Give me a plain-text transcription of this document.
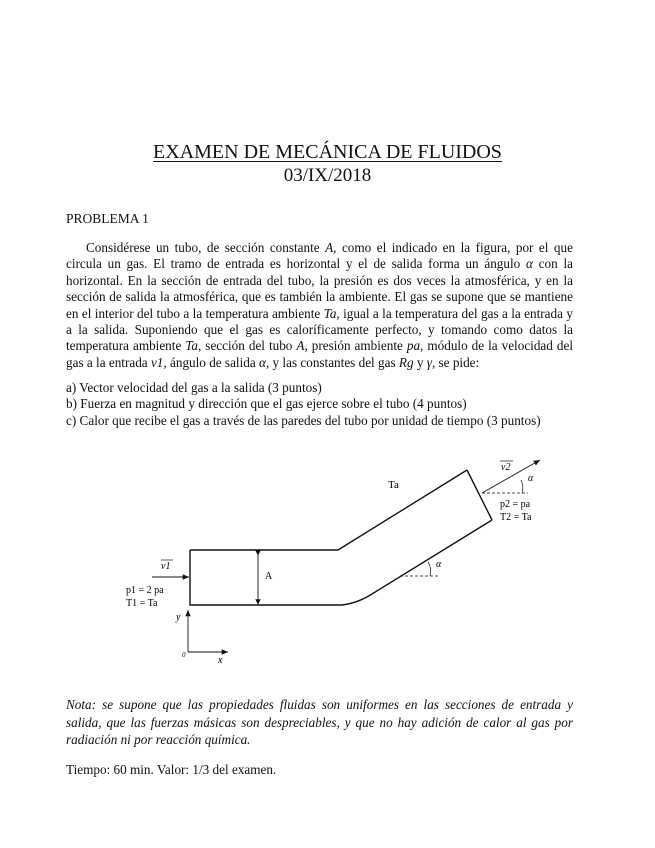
EXAMEN DE MECÁNICA DE FLUIDOS
03/IX/2018
PROBLEMA 1
Considérese un tubo, de sección constante A, como el indicado en la figura, por el que circula un gas. El tramo de entrada es horizontal y el de salida forma un ángulo α con la horizontal. En la sección de entrada del tubo, la presión es dos veces la atmosférica, y en la sección de salida la atmosférica, que es también la ambiente. El gas se supone que se mantiene en el interior del tubo a la temperatura ambiente Ta, igual a la temperatura del gas a la entrada y a la salida. Suponiendo que el gas es caloríficamente perfecto, y tomando como datos la temperatura ambiente Ta, sección del tubo A, presión ambiente pa, módulo de la velocidad del gas a la entrada v1, ángulo de salida α, y las constantes del gas Rg y γ, se pide:
a) Vector velocidad del gas a la salida (3 puntos)
b) Fuerza en magnitud y dirección que el gas ejerce sobre el tubo (4 puntos)
c) Calor que recibe el gas a través de las paredes del tubo por unidad de tiempo (3 puntos)
A
Ta
v1
p1 = 2 pa
T1 = Ta
v2
α
p2 = pa
T2 = Ta
α
y
x
0
Nota: se supone que las propiedades fluidas son uniformes en las secciones de entrada y salida, que las fuerzas másicas son despreciables, y que no hay adición de calor al gas por radiación ni por reacción química.
Tiempo: 60 min. Valor: 1/3 del examen.
